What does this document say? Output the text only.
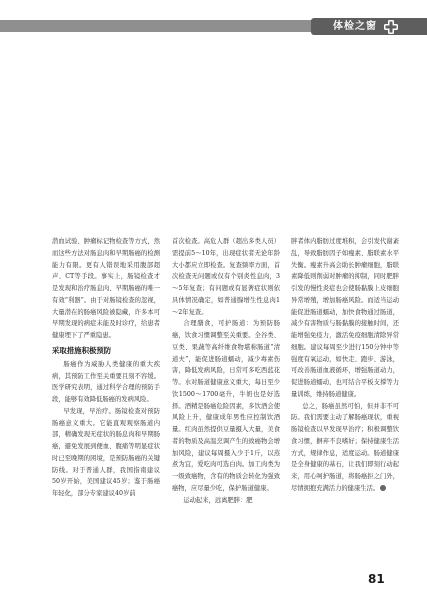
体检之窗

潜血试验、肿瘤标记物检查等方式，然而这些方法对肠息肉和早期肠癌的检测能力有限。更有人错误地采用腹部超声、CT等手段。事实上，肠镜检查才是发现和治疗肠息肉、早期肠癌的唯一有效“利器”。由于对肠镜检查的忽视，大量潜在的肠癌风险被隐藏，许多本可早期发现的病症未能及时诊疗，给患者健康埋下了严重隐患。

采取措施积极预防

肠癌作为威胁人类健康的重大疾病，其预防工作至关重要且刻不容缓。医学研究表明，通过科学合理的预防手段，能够有效降低肠癌的发病风险。

早发现，早治疗。肠镜检查对预防肠癌意义重大。它能直观观察肠道内部，精确发现无症状的肠息肉和早期肠癌，避免发展到便血、腹痛等明显症状时已至晚期的困境，是预防肠癌的关键防线。对于普通人群，我国指南建议50岁开始，美国建议45岁；鉴于肠癌年轻化，部分专家建议40岁前

首次检查。高危人群（超出多类人员）需提前5～10年，出现症状者无论年龄大小都应立即检查。复查频率方面，首次检查无问题或仅有个别炎性息肉，3～5年复查；有问题或有显著症状则依具体情况确定，如普通腺增生性息肉1～2年复查。

合理膳食，可护肠道：为预防肠癌，饮食习惯调整至关重要。全谷类、豆类、果蔬等高纤维食物堪称肠道“清道夫”，能促进肠道蠕动，减少毒素伤害，降低发病风险，日常可多吃西蓝花等。水对肠道健康意义重大，每日至少饮1500～1700毫升，牛奶也是好选择。酒精是肠癌危险因素，多饮酒会使风险上升，健康成年男性应控制饮酒量。红肉虽然提供豆量摄入大量，美食者的物质及高温烹调产生的致癌物会增加风险，建议每周摄入少于1斤，以蒸煮为宜，爱吃肉可选白肉。加工肉类为一级致癌物，含有的物质会转化为强致癌物，应尽量少吃，保护肠道健康。

运动起来，远离肥胖：肥

胖者体内脂肪过度堆积，会引发代谢紊乱，导致脂肪因子如瘦素、脂联素水平失衡。瘦素升高会助长肿瘤细胞，脂联素降低则削弱对肿瘤的抑制，同时肥胖引发的慢性炎症也会使肠黏膜上皮细胞异常增殖，增加肠癌风险。而适当运动能促进肠道蠕动，加快食物通过肠道，减少有害物质与肠黏膜的接触时间，还能增强免疫力，激活免疫细胞清除异常细胞。建议每周至少进行150分钟中等强度有氧运动，如快走、跑步、游泳，可改善肠道血液循环，增强肠道动力，促进肠道蠕动，也可结合平板支撑等力量训练，维持肠道健康。

总之，肠癌虽然可怕，但并非不可防。我们需要主动了解肠癌现状，重视肠镜检查以早发现早治疗；积极调整饮食习惯，摒弃不良嗜好；保持健康生活方式，规律作息，适度运动。肠道健康是全身健康的基石，让我们即刻行动起来，用心呵护肠道，将肠癌拒之门外，尽情拥抱充满活力的健康生活。

81
